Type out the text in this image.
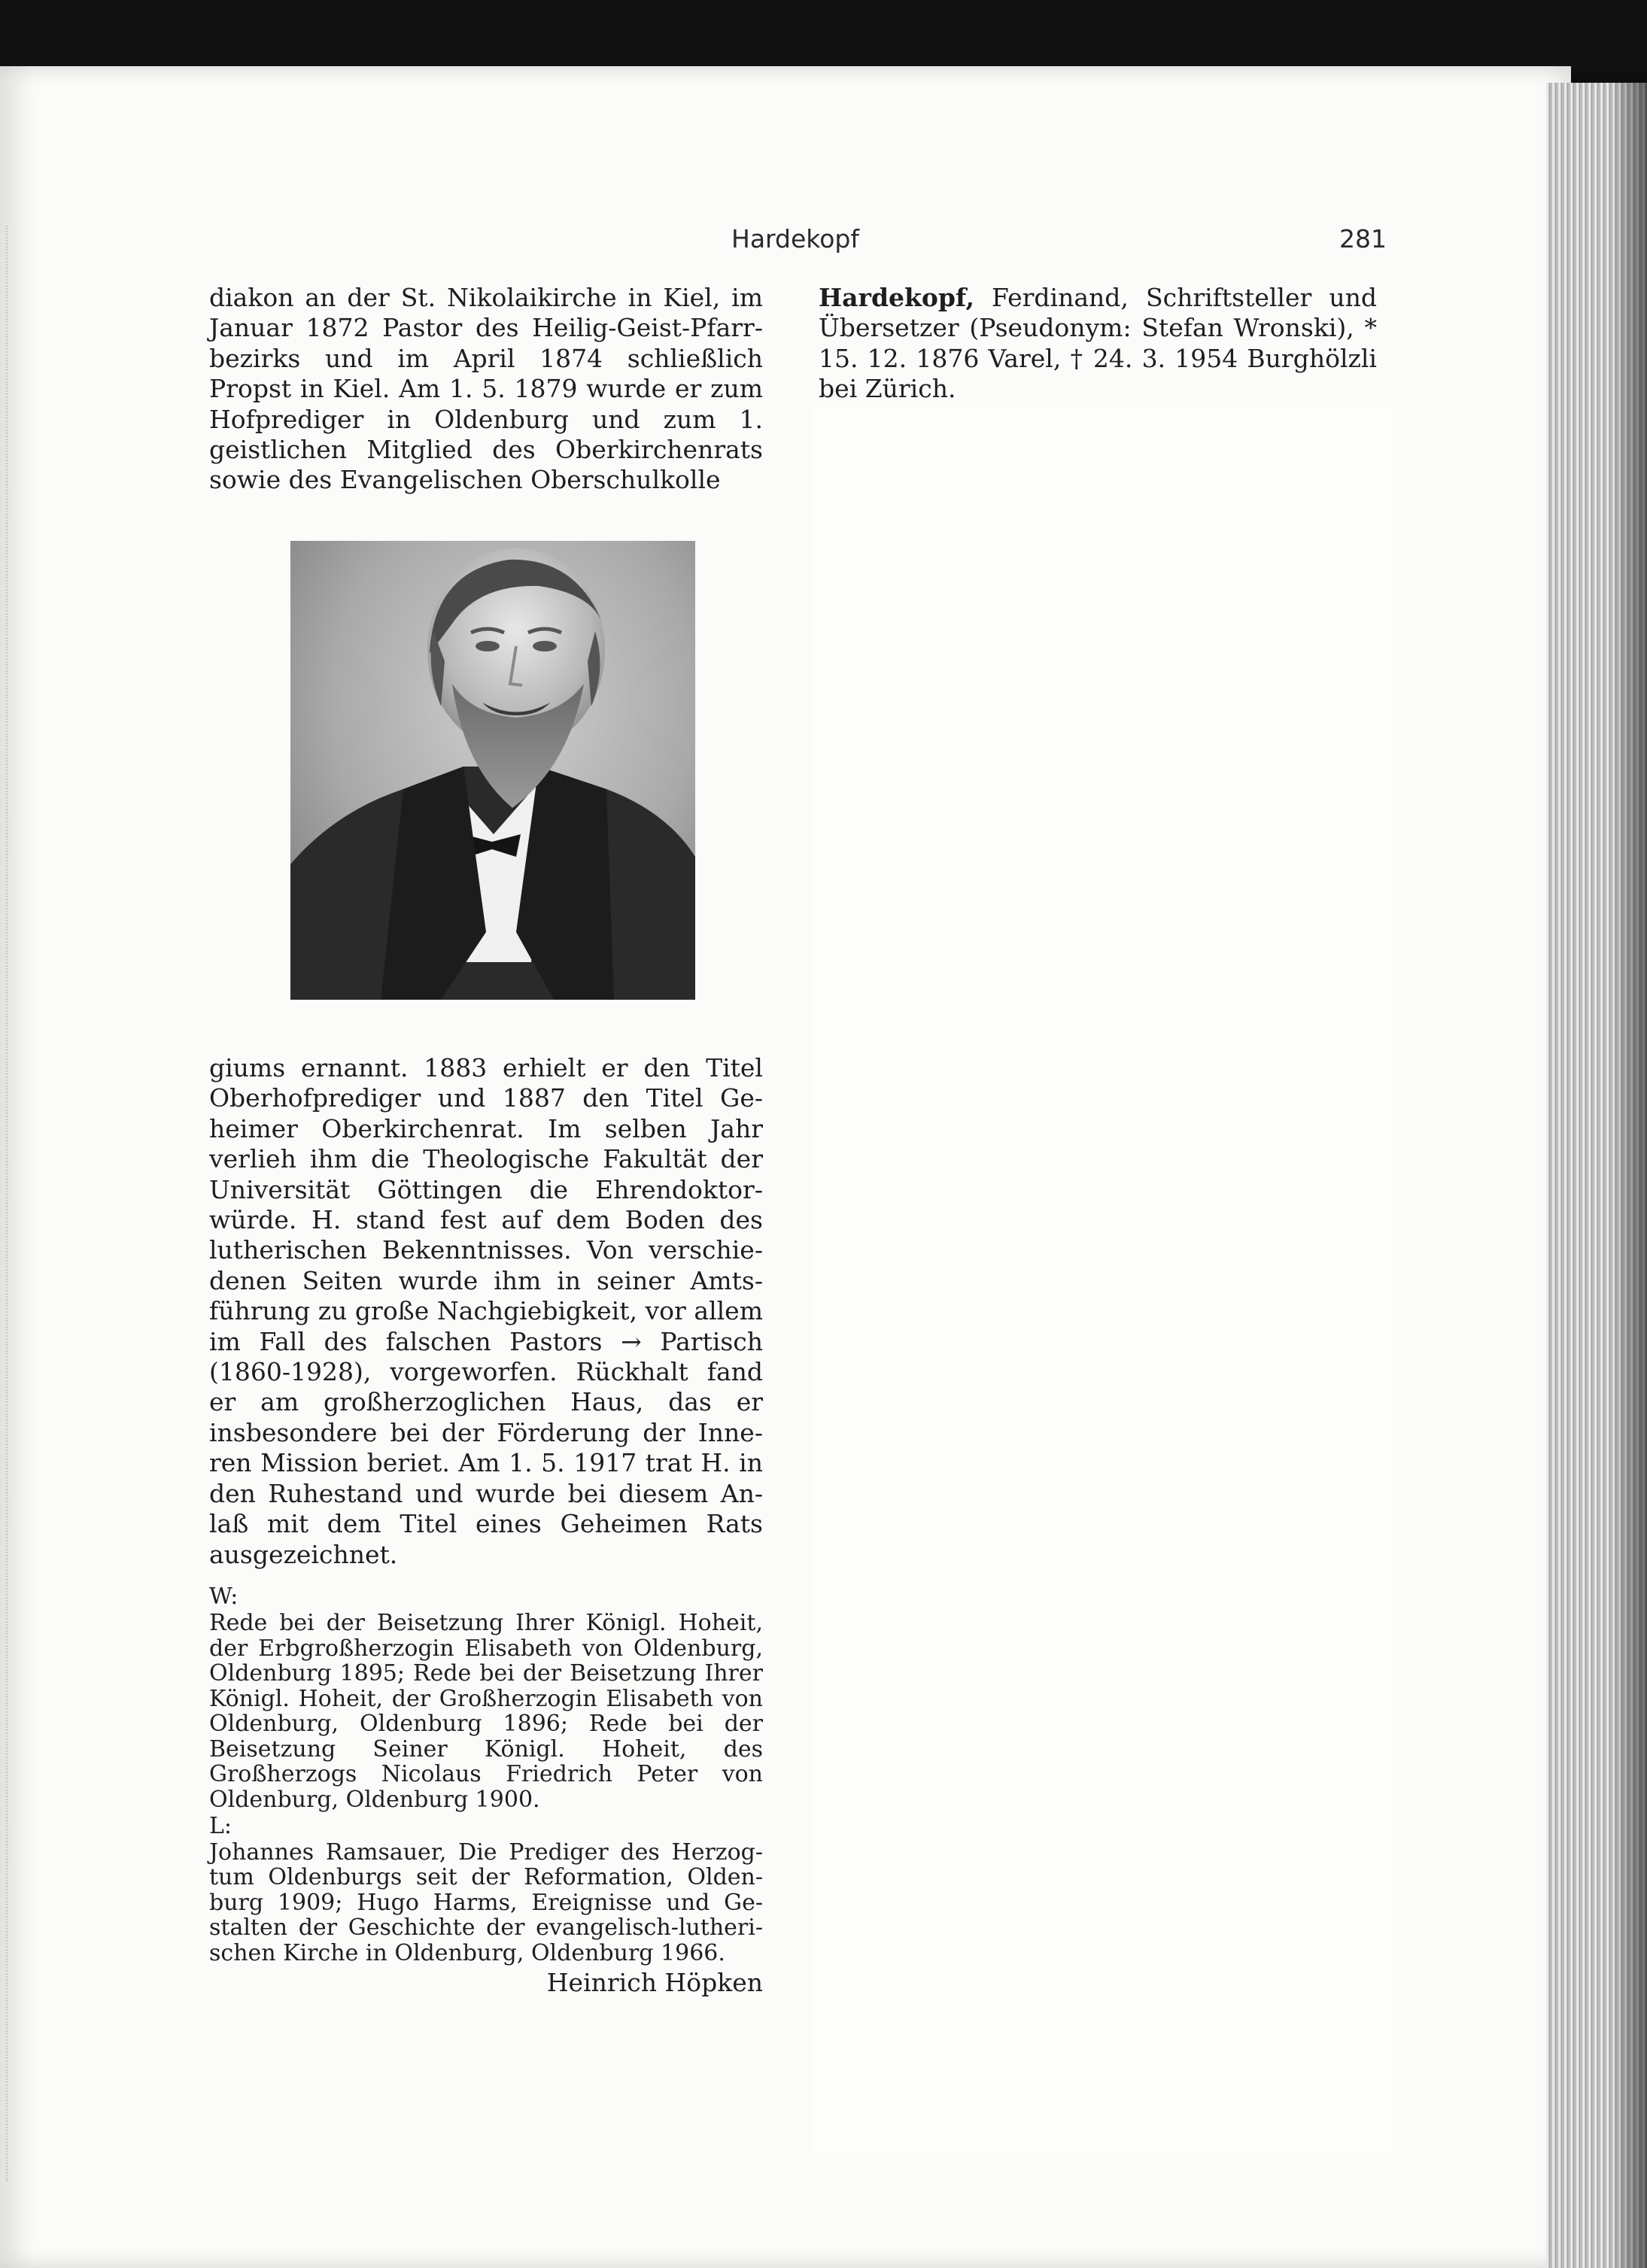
Hardekopf	281

diakon an der St. Nikolaikirche in Kiel, im Januar 1872 Pastor des Heilig-Geist-Pfarrbezirks und im April 1874 schließlich Propst in Kiel. Am 1. 5. 1879 wurde er zum Hofprediger in Oldenburg und zum 1. geistlichen Mitglied des Oberkirchenrats sowie des Evangelischen Oberschulkolle

giums ernannt. 1883 erhielt er den Titel Oberhofprediger und 1887 den Titel Geheimer Oberkirchenrat. Im selben Jahr verlieh ihm die Theologische Fakultät der Universität Göttingen die Ehrendoktorwürde. H. stand fest auf dem Boden des lutherischen Bekenntnisses. Von verschiedenen Seiten wurde ihm in seiner Amtsführung zu große Nachgiebigkeit, vor allem im Fall des falschen Pastors → Partisch (1860-1928), vorgeworfen. Rückhalt fand er am großherzoglichen Haus, das er insbesondere bei der Förderung der Inneren Mission beriet. Am 1. 5. 1917 trat H. in den Ruhestand und wurde bei diesem Anlaß mit dem Titel eines Geheimen Rats ausgezeichnet.

W:

Rede bei der Beisetzung Ihrer Königl. Hoheit, der Erbgroßherzogin Elisabeth von Oldenburg, Oldenburg 1895; Rede bei der Beisetzung Ihrer Königl. Hoheit, der Großherzogin Elisabeth von Oldenburg, Oldenburg 1896; Rede bei der Beisetzung Seiner Königl. Hoheit, des Großherzogs Nicolaus Friedrich Peter von Oldenburg, Oldenburg 1900.

L:

Johannes Ramsauer, Die Prediger des Herzogtum Oldenburgs seit der Reformation, Oldenburg 1909; Hugo Harms, Ereignisse und Gestalten der Geschichte der evangelisch-lutherischen Kirche in Oldenburg, Oldenburg 1966.

Heinrich Höpken

Hardekopf, Ferdinand, Schriftsteller und Übersetzer (Pseudonym: Stefan Wronski), * 15. 12. 1876 Varel, † 24. 3. 1954 Burghölzli bei Zürich.
